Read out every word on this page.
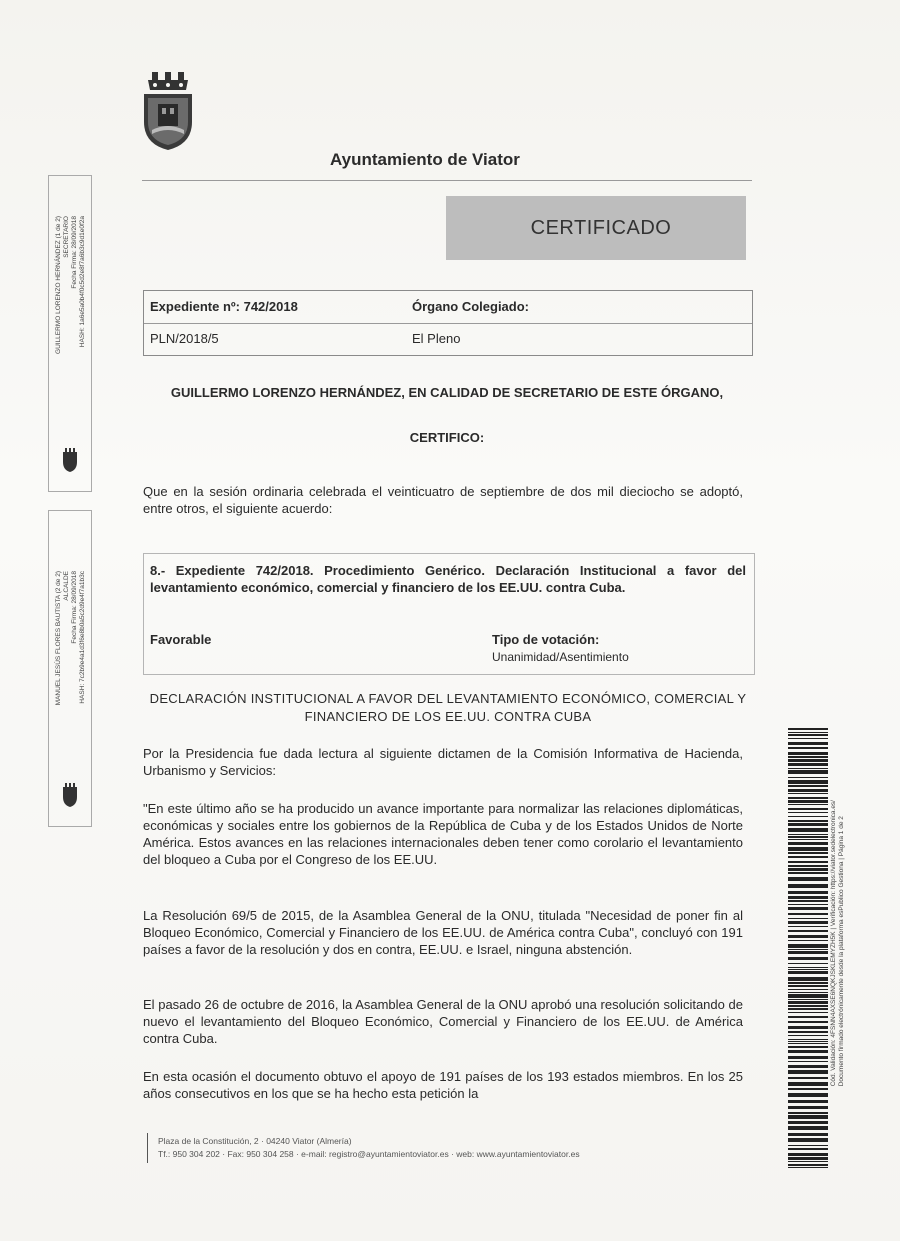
Ayuntamiento de Viator
CERTIFICADO
Expediente nº: 742/2018	Órgano Colegiado:
PLN/2018/5	El Pleno
GUILLERMO LORENZO HERNÁNDEZ, EN CALIDAD DE SECRETARIO DE ESTE ÓRGANO,
CERTIFICO:
Que en la sesión ordinaria celebrada el veinticuatro de septiembre de dos mil dieciocho se adoptó, entre otros, el siguiente acuerdo:
8.- Expediente 742/2018. Procedimiento Genérico. Declaración Institucional a favor del levantamiento económico, comercial y financiero de los EE.UU. contra Cuba.
Favorable	Tipo de votación:
Unanimidad/Asentimiento
DECLARACIÓN INSTITUCIONAL A FAVOR DEL LEVANTAMIENTO ECONÓMICO, COMERCIAL Y FINANCIERO DE LOS EE.UU. CONTRA CUBA
Por la Presidencia fue dada lectura al siguiente dictamen de la Comisión Informativa de Hacienda, Urbanismo y Servicios:
"En este último año se ha producido un avance importante para normalizar las relaciones diplomáticas, económicas y sociales entre los gobiernos de la República de Cuba y de los Estados Unidos de Norte América. Estos avances en las relaciones internacionales deben tener como corolario el levantamiento del bloqueo a Cuba por el Congreso de los EE.UU.
La Resolución 69/5 de 2015, de la Asamblea General de la ONU, titulada "Necesidad de poner fin al Bloqueo Económico, Comercial y Financiero de los EE.UU. de América contra Cuba", concluyó con 191 países a favor de la resolución y dos en contra, EE.UU. e Israel, ninguna abstención.
El pasado 26 de octubre de 2016, la Asamblea General de la ONU aprobó una resolución solicitando de nuevo el levantamiento del Bloqueo Económico, Comercial y Financiero de los EE.UU. de América contra Cuba.
En esta ocasión el documento obtuvo el apoyo de 191 países de los 193 estados miembros. En los 25 años consecutivos en los que se ha hecho esta petición la
Plaza de la Constitución, 2 · 04240 Viator (Almería)
Tf.: 950 304 202 · Fax: 950 304 258 · e-mail: registro@ayuntamientoviator.es · web: www.ayuntamientoviator.es
GUILLERMO LORENZO HERNÁNDEZ (1 de 2) SECRETARIO Fecha Firma: 28/09/2018 HASH: 1a6e5a0b4f0c5d2e8f7a6b3c9d1e0f2a
MANUEL JESÚS FLORES BAUTISTA (2 de 2) ALCALDE Fecha Firma: 28/09/2018 HASH: 7c2b9e4a1d3f6e8b0a5c2d9e4f7a1b3c
Cód. Validación: 4FSNN4AXSE6NQKJSKLEMYZH5K | Verificación: https://viator.sedelectronica.es/ Documento firmado electrónicamente desde la plataforma esPublico Gestiona | Página 1 de 2
